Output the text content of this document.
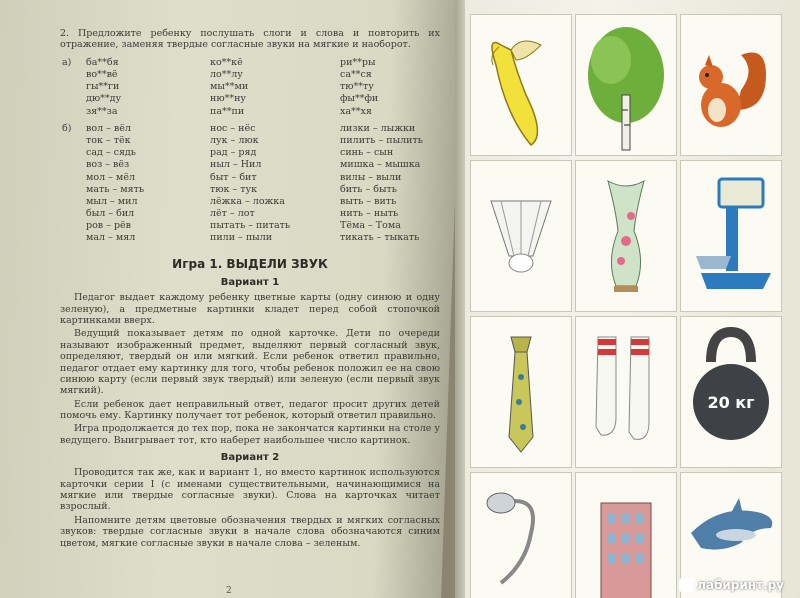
2. Предложите ребенку послушать слоги и слова и повторить их отражение, заменяя твердые согласные звуки на мягкие и наоборот.
а) ба**бя
во**вё
гы**ги
дю**ду
зя**за
ко**кё
ло**лу
мы**ми
ню**ну
па**пи
ри**ры
са**ся
тю**ту
фы**фи
ха**хя
б) вол – вёл
ток – тёк
сад – сядь
воз – вёз
мол – мёл
мать – мять
мыл – мил
был – бил
ров – рёв
мал – мял
нос – нёс
лук – люк
рад – ряд
ныл – Нил
быт – бит
тюк – тук
лёжка – ложка
лёт – лот
пытать – питать
пили – пыли
лизки – лыжки
пилить – пылить
синь – сын
мишка – мышка
вилы – выли
бить – быть
выть – вить
нить – ныть
Тёма – Тома
тикать – тыкать
Игра 1. ВЫДЕЛИ ЗВУК
Вариант 1

Педагог выдает каждому ребенку цветные карты (одну синюю и одну зеленую), а предметные картинки кладет перед собой стопочкой картинками вверх.

Ведущий показывает детям по одной карточке. Дети по очереди называют изображенный предмет, выделяют первый согласный звук, определяют, твердый он или мягкий. Если ребенок ответил правильно, педагог отдает ему картинку для того, чтобы ребенок положил ее на свою синюю карту (если первый звук твердый) или зеленую (если первый звук мягкий).

Если ребенок дает неправильный ответ, педагог просит других детей помочь ему. Картинку получает тот ребенок, который ответил правильно.

Игра продолжается до тех пор, пока не закончатся картинки на столе у ведущего. Выигрывает тот, кто наберет наибольшее число картинок.

Вариант 2

Проводится так же, как и вариант 1, но вместо картинок используются карточки серии I (с именами существительными, начинающимися на мягкие или твердые согласные звуки). Слова на карточках читает взрослый.

Напомните детям цветовые обозначения твердых и мягких согласных звуков: твердые согласные звуки в начале слова обозначаются синим цветом, мягкие согласные звуки в начале слова – зеленым.

2
20 кг
лабиринт.ру
